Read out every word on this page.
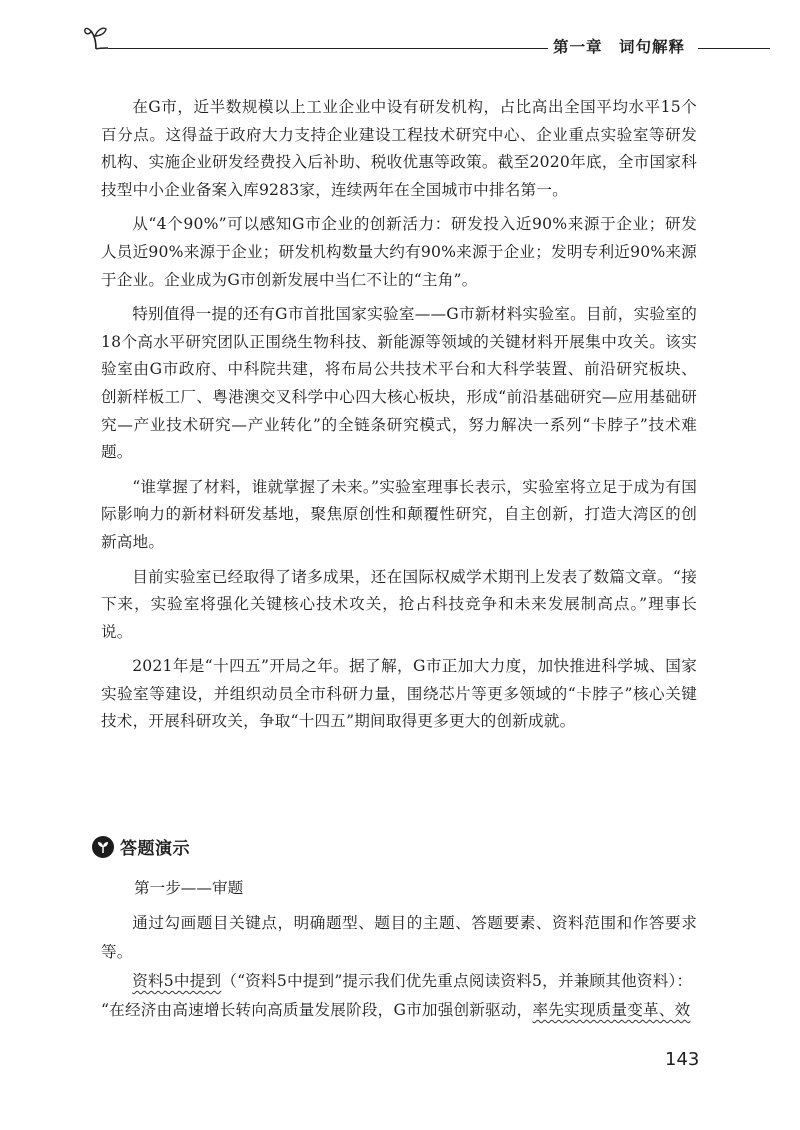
第一章　词句解释

在G市，近半数规模以上工业企业中设有研发机构，占比高出全国平均水平15个百分点。这得益于政府大力支持企业建设工程技术研究中心、企业重点实验室等研发机构、实施企业研发经费投入后补助、税收优惠等政策。截至2020年底，全市国家科技型中小企业备案入库9283家，连续两年在全国城市中排名第一。

从“4个90%”可以感知G市企业的创新活力：研发投入近90%来源于企业；研发人员近90%来源于企业；研发机构数量大约有90%来源于企业；发明专利近90%来源于企业。企业成为G市创新发展中当仁不让的“主角”。

特别值得一提的还有G市首批国家实验室——G市新材料实验室。目前，实验室的18个高水平研究团队正围绕生物科技、新能源等领域的关键材料开展集中攻关。该实验室由G市政府、中科院共建，将布局公共技术平台和大科学装置、前沿研究板块、创新样板工厂、粤港澳交叉科学中心四大核心板块，形成“前沿基础研究—应用基础研究—产业技术研究—产业转化”的全链条研究模式，努力解决一系列“卡脖子”技术难题。

“谁掌握了材料，谁就掌握了未来。”实验室理事长表示，实验室将立足于成为有国际影响力的新材料研发基地，聚焦原创性和颠覆性研究，自主创新，打造大湾区的创新高地。

目前实验室已经取得了诸多成果，还在国际权威学术期刊上发表了数篇文章。“接下来，实验室将强化关键核心技术攻关，抢占科技竞争和未来发展制高点。”理事长说。

2021年是“十四五”开局之年。据了解，G市正加大力度，加快推进科学城、国家实验室等建设，并组织动员全市科研力量，围绕芯片等更多领域的“卡脖子”核心关键技术，开展科研攻关，争取“十四五”期间取得更多更大的创新成就。

答题演示
第一步——审题

通过勾画题目关键点，明确题型、题目的主题、答题要素、资料范围和作答要求等。

资料5中提到（“资料5中提到”提示我们优先重点阅读资料5，并兼顾其他资料）：

“在经济由高速增长转向高质量发展阶段，G市加强创新驱动，率先实现质量变革、效

143
